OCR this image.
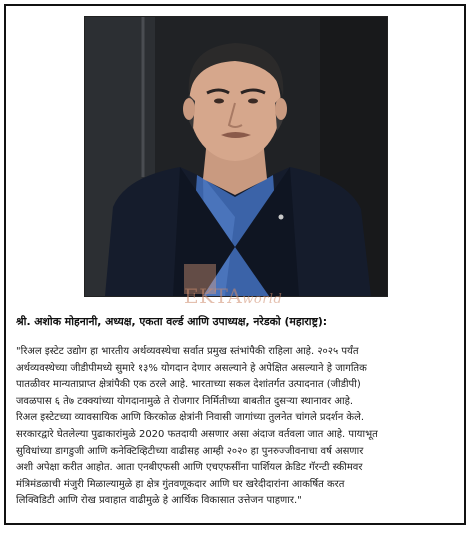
EKTAworld
श्री. अशोक मोहनानी, अध्यक्ष, एकता वर्ल्ड आणि उपाध्यक्ष, नरेडको (महाराष्ट्र):
"रिअल इस्टेट उद्योग हा भारतीय अर्थव्यवस्थेचा सर्वात प्रमुख स्तंभांपैकी राहिला आहे. २०२५ पर्यंत
अर्थव्यवस्थेच्या जीडीपीमध्ये सुमारे १३% योगदान देणार असल्याने हे अपेक्षित असल्याने हे जागतिक
पातळीवर मान्यताप्राप्त क्षेत्रांपैकी एक ठरले आहे. भारताच्या सकल देशांतर्गत उत्पादनात (जीडीपी)
जवळपास ६ ते७ टक्क्यांच्या योगदानामुळे ते रोजगार निर्मितीच्या बाबतीत दुसऱ्या स्थानावर आहे.
रिअल इस्टेटच्या व्यावसायिक आणि किरकोळ क्षेत्रांनी निवासी जागांच्या तुलनेत चांगले प्रदर्शन केले.
सरकारद्वारे घेतलेल्या पुढाकारांमुळे 2020 फतदायी असणार असा अंदाज वर्तवला जात आहे. पायाभूत
सुविधांच्या डागडुजी आणि कनेक्टिव्हिटीच्या वाढीसह आम्ही २०२० हा पुनरुज्जीवनाचा वर्ष असणार
अशी अपेक्षा करीत आहोत. आता एनबीएफसी आणि एचएफसींना पार्शियल क्रेडिट गॅरन्टी स्कीमवर
मंत्रिमंडळाची मंजुरी मिळाल्यामुळे हा क्षेत्र गुंतवणूकदार आणि घर खरेदीदारांना आकर्षित करत
लिक्विडिटी आणि रोख प्रवाहात वाढीमुळे हे आर्थिक विकासात उत्तेजन पाहणार."
